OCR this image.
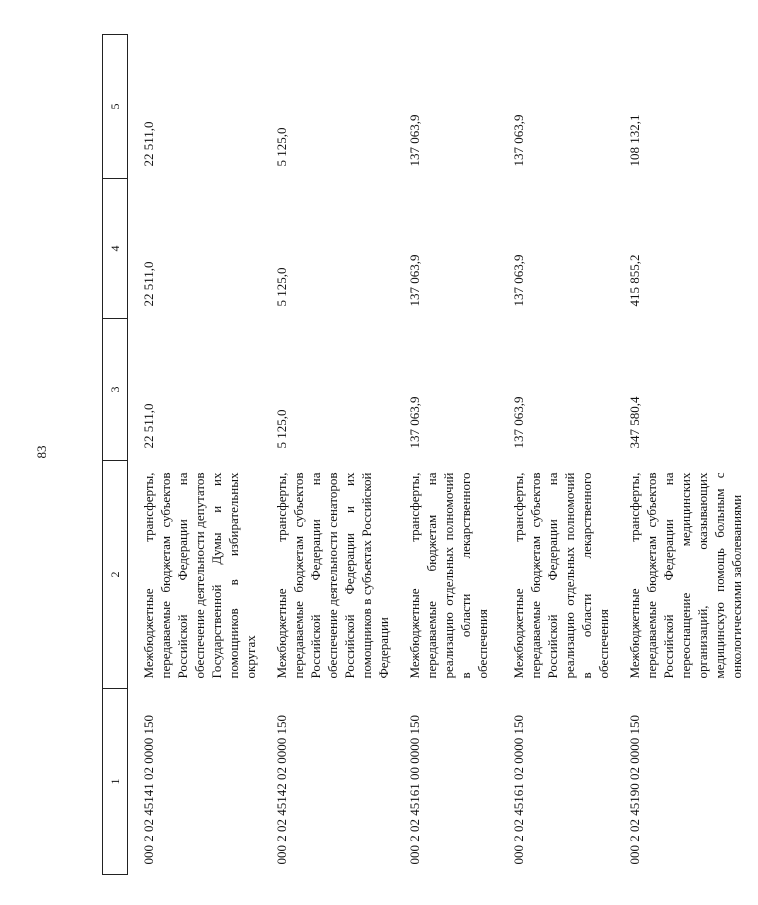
83
1	2	3	4	5
000 2 02 45141 02 0000 150	Межбюджетные трансферты, передаваемые бюджетам субъектов Российской Федерации на обеспечение деятельности депутатов Государственной Думы и их помощников в избирательных округах	22 511,0	22 511,0	22 511,0
000 2 02 45142 02 0000 150	Межбюджетные трансферты, передаваемые бюджетам субъектов Российской Федерации на обеспечение деятельности сенаторов Российской Федерации и их помощников в субъектах Российской Федерации	5 125,0	5 125,0	5 125,0
000 2 02 45161 00 0000 150	Межбюджетные трансферты, передаваемые бюджетам на реализацию отдельных полномочий в области лекарственного обеспечения	137 063,9	137 063,9	137 063,9
000 2 02 45161 02 0000 150	Межбюджетные трансферты, передаваемые бюджетам субъектов Российской Федерации на реализацию отдельных полномочий в области лекарственного обеспечения	137 063,9	137 063,9	137 063,9
000 2 02 45190 02 0000 150	Межбюджетные трансферты, передаваемые бюджетам субъектов Российской Федерации на переоснащение медицинских организаций, оказывающих медицинскую помощь больным с онкологическими заболеваниями	347 580,4	415 855,2	108 132,1
